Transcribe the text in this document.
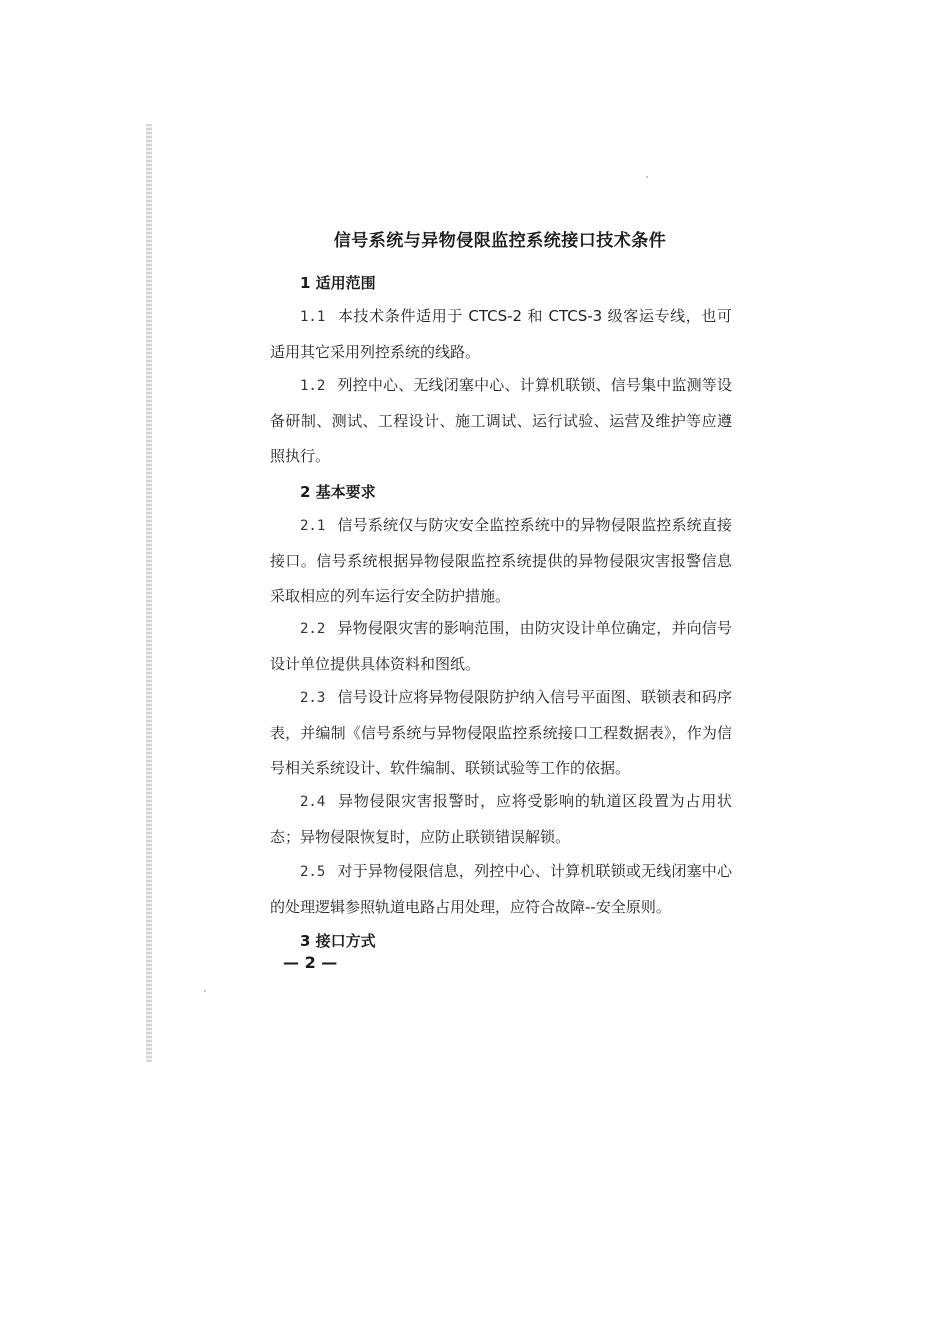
信号系统与异物侵限监控系统接口技术条件
1 适用范围
1.1 本技术条件适用于 CTCS-2 和 CTCS-3 级客运专线，也可适用其它采用列控系统的线路。
1.2 列控中心、无线闭塞中心、计算机联锁、信号集中监测等设备研制、测试、工程设计、施工调试、运行试验、运营及维护等应遵照执行。
2 基本要求
2.1 信号系统仅与防灾安全监控系统中的异物侵限监控系统直接接口。信号系统根据异物侵限监控系统提供的异物侵限灾害报警信息采取相应的列车运行安全防护措施。
2.2 异物侵限灾害的影响范围，由防灾设计单位确定，并向信号设计单位提供具体资料和图纸。
2.3 信号设计应将异物侵限防护纳入信号平面图、联锁表和码序表，并编制《信号系统与异物侵限监控系统接口工程数据表》，作为信号相关系统设计、软件编制、联锁试验等工作的依据。
2.4 异物侵限灾害报警时，应将受影响的轨道区段置为占用状态；异物侵限恢复时，应防止联锁错误解锁。
2.5 对于异物侵限信息，列控中心、计算机联锁或无线闭塞中心的处理逻辑参照轨道电路占用处理，应符合故障--安全原则。
3 接口方式
— 2 —
